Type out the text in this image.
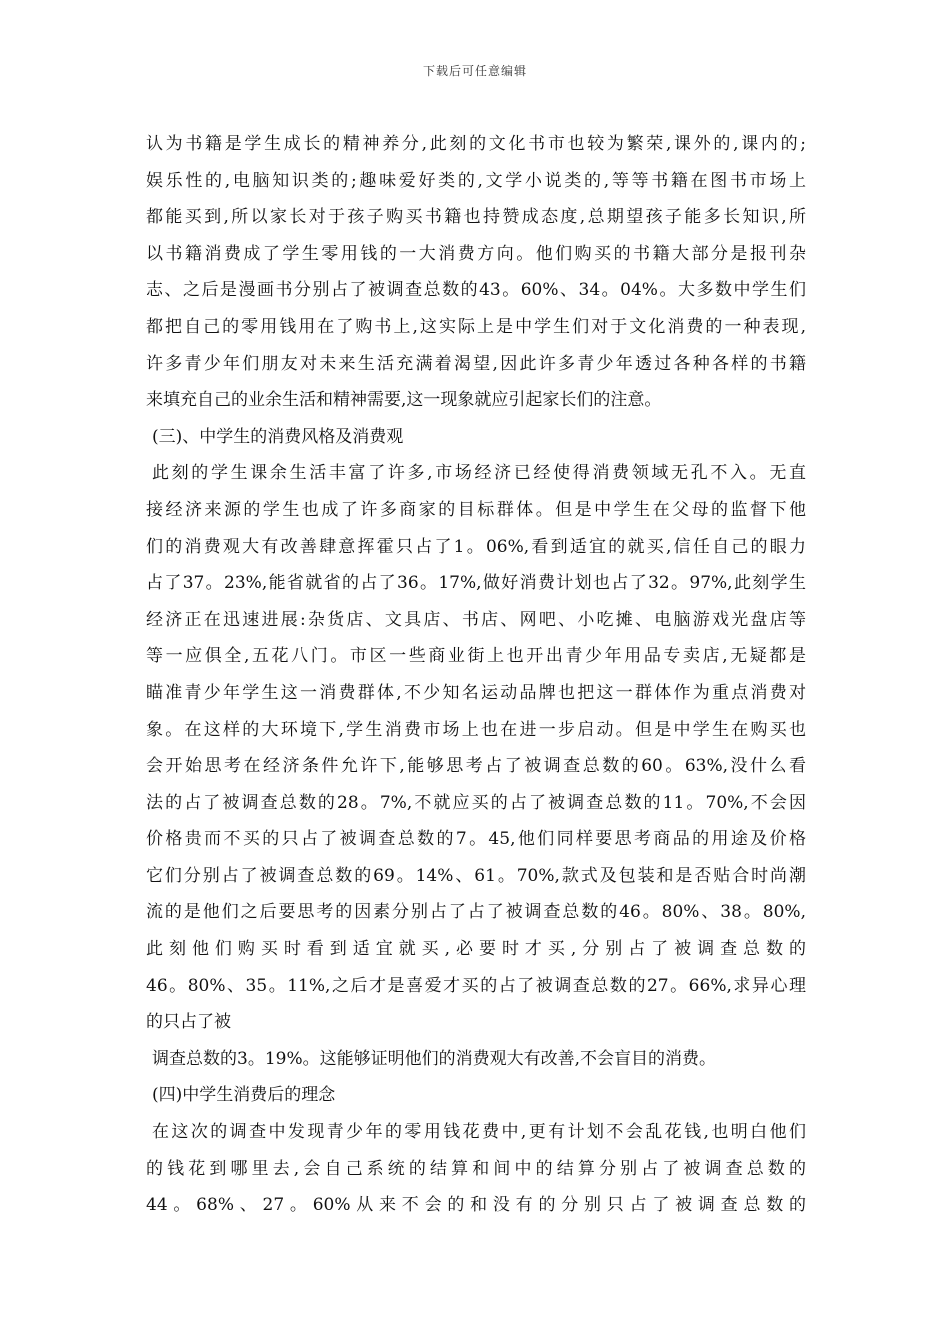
下载后可任意编辑
认为书籍是学生成长的精神养分,此刻的文化书市也较为繁荣,课外的,课内的;
娱乐性的,电脑知识类的;趣味爱好类的,文学小说类的,等等书籍在图书市场上
都能买到,所以家长对于孩子购买书籍也持赞成态度,总期望孩子能多长知识,所
以书籍消费成了学生零用钱的一大消费方向。他们购买的书籍大部分是报刊杂
志、之后是漫画书分别占了被调查总数的43。60%、34。04%。大多数中学生们
都把自己的零用钱用在了购书上,这实际上是中学生们对于文化消费的一种表现,
许多青少年们朋友对未来生活充满着渴望,因此许多青少年透过各种各样的书籍
来填充自己的业余生活和精神需要,这一现象就应引起家长们的注意。
(三)、中学生的消费风格及消费观
此刻的学生课余生活丰富了许多,市场经济已经使得消费领域无孔不入。无直
接经济来源的学生也成了许多商家的目标群体。但是中学生在父母的监督下他
们的消费观大有改善肆意挥霍只占了1。06%,看到适宜的就买,信任自己的眼力
占了37。23%,能省就省的占了36。17%,做好消费计划也占了32。97%,此刻学生
经济正在迅速进展:杂货店、文具店、书店、网吧、小吃摊、电脑游戏光盘店等
等一应俱全,五花八门。市区一些商业街上也开出青少年用品专卖店,无疑都是
瞄准青少年学生这一消费群体,不少知名运动品牌也把这一群体作为重点消费对
象。在这样的大环境下,学生消费市场上也在进一步启动。但是中学生在购买也
会开始思考在经济条件允许下,能够思考占了被调查总数的60。63%,没什么看
法的占了被调查总数的28。7%,不就应买的占了被调查总数的11。70%,不会因
价格贵而不买的只占了被调查总数的7。45,他们同样要思考商品的用途及价格
它们分别占了被调查总数的69。14%、61。70%,款式及包装和是否贴合时尚潮
流的是他们之后要思考的因素分别占了占了被调查总数的46。80%、38。80%,
此刻他们购买时看到适宜就买,必要时才买,分别占了被调查总数的
46。80%、35。11%,之后才是喜爱才买的占了被调查总数的27。66%,求异心理
的只占了被
调查总数的3。19%。这能够证明他们的消费观大有改善,不会盲目的消费。
(四)中学生消费后的理念
在这次的调查中发现青少年的零用钱花费中,更有计划不会乱花钱,也明白他们
的钱花到哪里去,会自己系统的结算和间中的结算分别占了被调查总数的
44。68%、27。60%从来不会的和没有的分别只占了被调查总数的
